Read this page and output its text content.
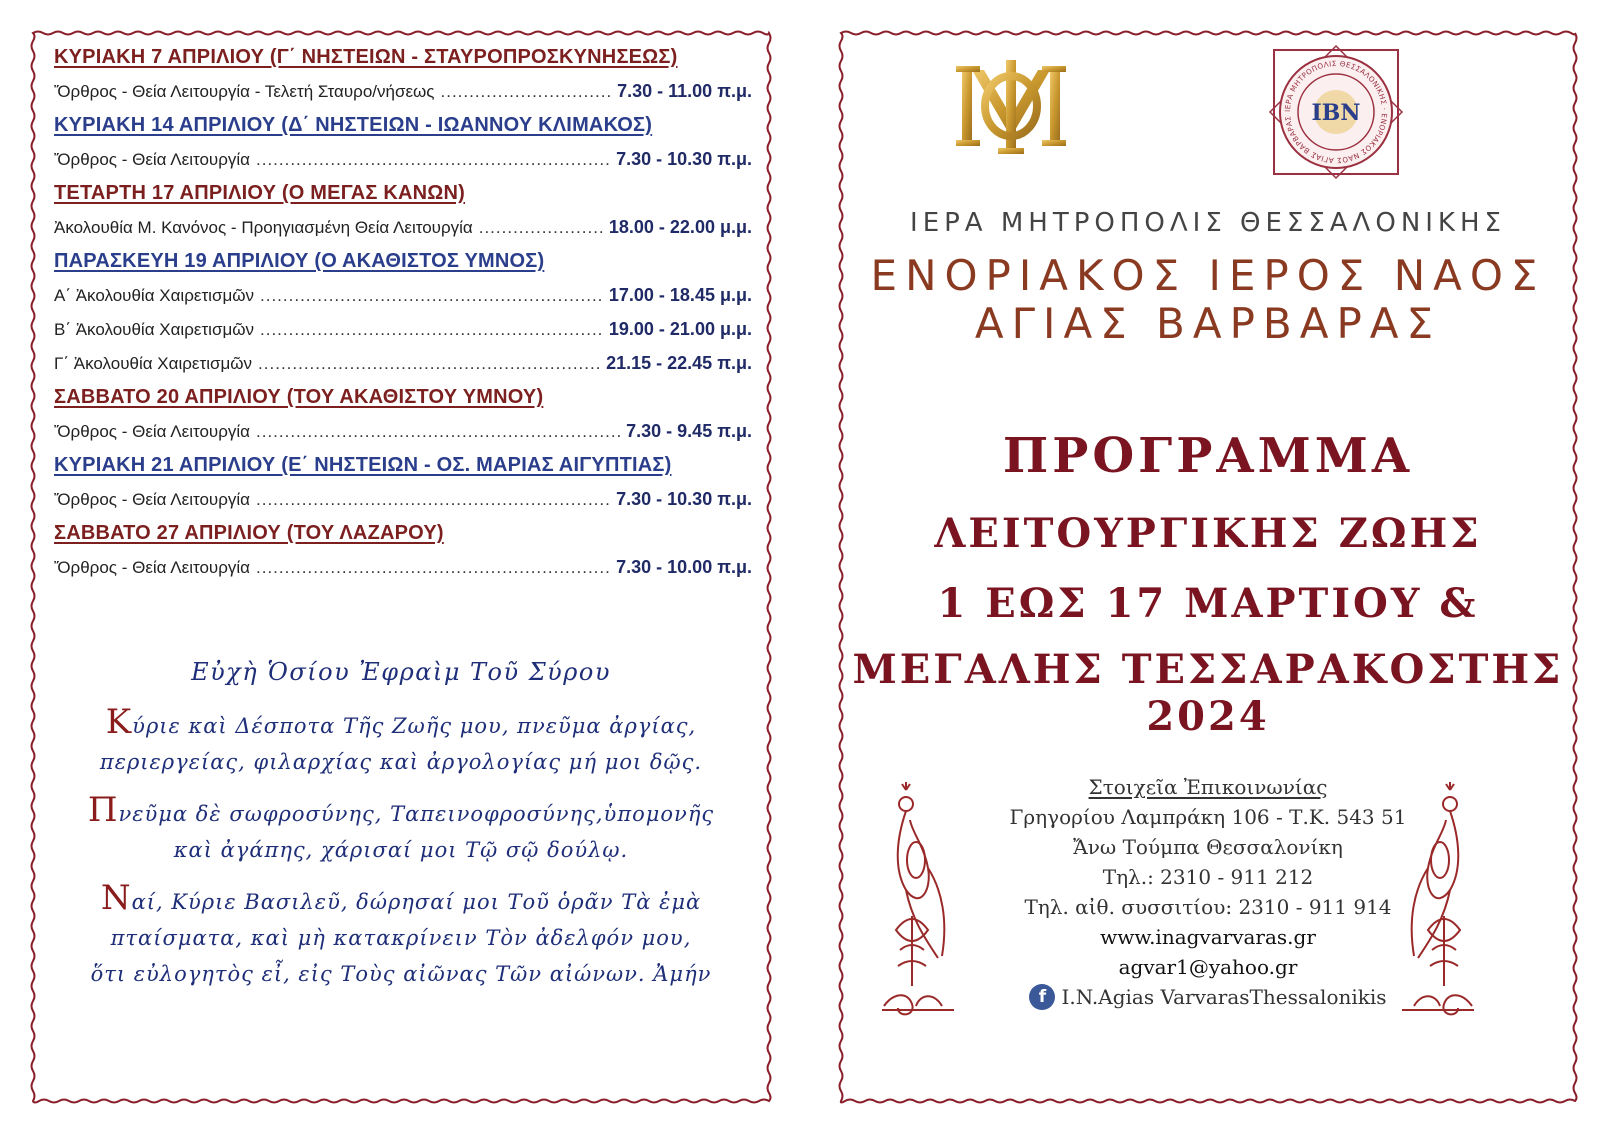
ΚΥΡΙΑΚΗ 7 ΑΠΡΙΛΙΟΥ (Γ΄ ΝΗΣΤΕΙΩΝ - ΣΤΑΥΡΟΠΡΟΣΚΥΝΗΣΕΩΣ)
Ὄρθρος - Θεία Λειτουργία - Τελετή Σταυρο/νήσεως .....	7.30 - 11.00 π.μ.
ΚΥΡΙΑΚΗ 14 ΑΠΡΙΛΙΟΥ (Δ΄ ΝΗΣΤΕΙΩΝ - ΙΩΑΝΝΟΥ ΚΛΙΜΑΚΟΣ)
Ὄρθρος - Θεία Λειτουργία .....	7.30 - 10.30 π.μ.
ΤΕΤΑΡΤΗ 17 ΑΠΡΙΛΙΟΥ (Ο ΜΕΓΑΣ ΚΑΝΩΝ)
Ἀκολουθία Μ. Κανόνος - Προηγιασμένη Θεία Λειτουργία .....	18.00 - 22.00 μ.μ.
ΠΑΡΑΣΚΕΥΗ 19 ΑΠΡΙΛΙΟΥ (Ο ΑΚΑΘΙΣΤΟΣ ΥΜΝΟΣ)
Α΄ Ἀκολουθία Χαιρετισμῶν .....	17.00 - 18.45 μ.μ.
Β΄ Ἀκολουθία Χαιρετισμῶν .....	19.00 - 21.00 μ.μ.
Γ΄ Ἀκολουθία Χαιρετισμῶν .....	21.15 - 22.45 π.μ.
ΣΑΒΒΑΤΟ 20 ΑΠΡΙΛΙΟΥ (ΤΟΥ ΑΚΑΘΙΣΤΟΥ ΥΜΝΟΥ)
Ὄρθρος - Θεία Λειτουργία .....	7.30 - 9.45 π.μ.
ΚΥΡΙΑΚΗ 21 ΑΠΡΙΛΙΟΥ (Ε΄ ΝΗΣΤΕΙΩΝ - ΟΣ. ΜΑΡΙΑΣ ΑΙΓΥΠΤΙΑΣ)
Ὄρθρος - Θεία Λειτουργία .....	7.30 - 10.30 π.μ.
ΣΑΒΒΑΤΟ 27 ΑΠΡΙΛΙΟΥ (ΤΟΥ ΛΑΖΑΡΟΥ)
Ὄρθρος - Θεία Λειτουργία .....	7.30 - 10.00 π.μ.
Εὐχὴ Ὁσίου Ἐφραὶμ Τοῦ Σύρου
Κύριε καὶ Δέσποτα Τῆς Ζωῆς μου, πνεῦμα ἀργίας,
περιεργείας, φιλαρχίας καὶ ἀργολογίας μή μοι δῷς.
Πνεῦμα δὲ σωφροσύνης, Ταπεινοφροσύνης,ὑπομονῆς
καὶ ἀγάπης, χάρισαί μοι Τῷ σῷ δούλῳ.
Ναί, Κύριε Βασιλεῦ, δώρησαί μοι Τοῦ ὁρᾶν Τὰ ἐμὰ
πταίσματα, καὶ μὴ κατακρίνειν Τὸν ἀδελφόν μου,
ὅτι εὐλογητὸς εἶ, εἰς Τοὺς αἰῶνας Τῶν αἰώνων. Ἀμήν
ΙΕΡΑ ΜΗΤΡΟΠΟΛΙΣ ΘΕΣΣΑΛΟΝΙΚΗΣ · ΕΝΟΡΙΑΚΟΣ ΝΑΟΣ ΑΓΙΑΣ ΒΑΡΒΑΡΑΣ ΙΒΝ
ΙΕΡΑ ΜΗΤΡΟΠΟΛΙΣ ΘΕΣΣΑΛΟΝΙΚΗΣ
ΕΝΟΡΙΑΚΟΣ ΙΕΡΟΣ ΝΑΟΣ
ΑΓΙΑΣ ΒΑΡΒΑΡΑΣ
ΠΡΟΓΡΑΜΜΑ
ΛΕΙΤΟΥΡΓΙΚΗΣ ΖΩΗΣ
1 ΕΩΣ 17 ΜΑΡΤΙΟΥ &
ΜΕΓΑΛΗΣ ΤΕΣΣΑΡΑΚΟΣΤΗΣ 2024
Στοιχεῖα Ἐπικοινωνίας
Γρηγορίου Λαμπράκη 106 - Τ.Κ. 543 51
Ἄνω Τούμπα Θεσσαλονίκη
Τηλ.: 2310 - 911 212
Τηλ. αἰθ. συσσιτίου: 2310 - 911 914
www.inagvarvaras.gr
agvar1@yahoo.gr
f I.N.Agias VarvarasThessalonikis
